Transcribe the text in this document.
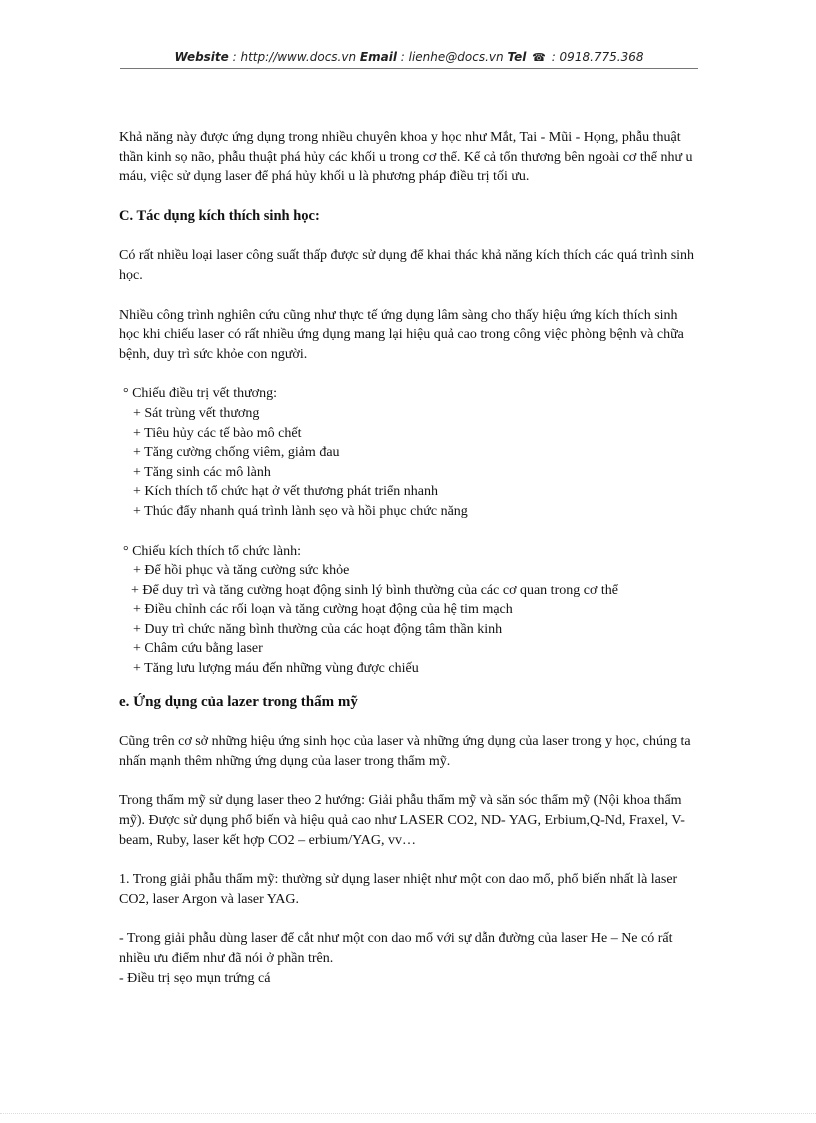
Website : http://www.docs.vn Email : lienhe@docs.vn Tel ☎ : 0918.775.368

Khả năng này được ứng dụng trong nhiều chuyên khoa y học như Mắt, Tai - Mũi - Họng, phẫu thuật thần kinh sọ não, phẫu thuật phá hủy các khối u trong cơ thể. Kể cả tổn thương bên ngoài cơ thể như u máu, việc sử dụng laser để phá hủy khối u là phương pháp điều trị tối ưu.

C. Tác dụng kích thích sinh học:

Có rất nhiều loại laser công suất thấp được sử dụng để khai thác khả năng kích thích các quá trình sinh học.

Nhiều công trình nghiên cứu cũng như thực tế ứng dụng lâm sàng cho thấy hiệu ứng kích thích sinh học khi chiếu laser có rất nhiều ứng dụng mang lại hiệu quả cao trong công việc phòng bệnh và chữa bệnh, duy trì sức khỏe con người.

° Chiếu điều trị vết thương:

+ Sát trùng vết thương

+ Tiêu hủy các tế bào mô chết

+ Tăng cường chống viêm, giảm đau

+ Tăng sinh các mô lành

+ Kích thích tổ chức hạt ở vết thương phát triển nhanh

+ Thúc đẩy nhanh quá trình lành sẹo và hồi phục chức năng

° Chiếu kích thích tổ chức lành:

+ Để hồi phục và tăng cường sức khỏe

+ Để duy trì và tăng cường hoạt động sinh lý bình thường của các cơ quan trong cơ thể

+ Điều chỉnh các rối loạn và tăng cường hoạt động của hệ tim mạch

+ Duy trì chức năng bình thường của các hoạt động tâm thần kinh

+ Châm cứu bằng laser

+ Tăng lưu lượng máu đến những vùng được chiếu

e. Ứng dụng của lazer trong thẩm mỹ

Cũng trên cơ sở những hiệu ứng sinh học của laser và những ứng dụng của laser trong y học, chúng ta nhấn mạnh thêm những ứng dụng của laser trong thẩm mỹ.

Trong thẩm mỹ sử dụng laser theo 2 hướng: Giải phẫu thẩm mỹ và săn sóc thẩm mỹ (Nội khoa thẩm mỹ). Được sử dụng phổ biến và hiệu quả cao như LASER CO2, ND- YAG, Erbium,Q-Nd, Fraxel, V-beam, Ruby, laser kết hợp CO2 – erbium/YAG, vv…

1. Trong giải phẫu thẩm mỹ: thường sử dụng laser nhiệt như một con dao mổ, phổ biến nhất là laser CO2, laser Argon và laser YAG.

- Trong giải phẫu dùng laser để cắt như một con dao mổ với sự dẫn đường của laser He – Ne có rất nhiều ưu điểm như đã nói ở phần trên.

- Điều trị sẹo mụn trứng cá
